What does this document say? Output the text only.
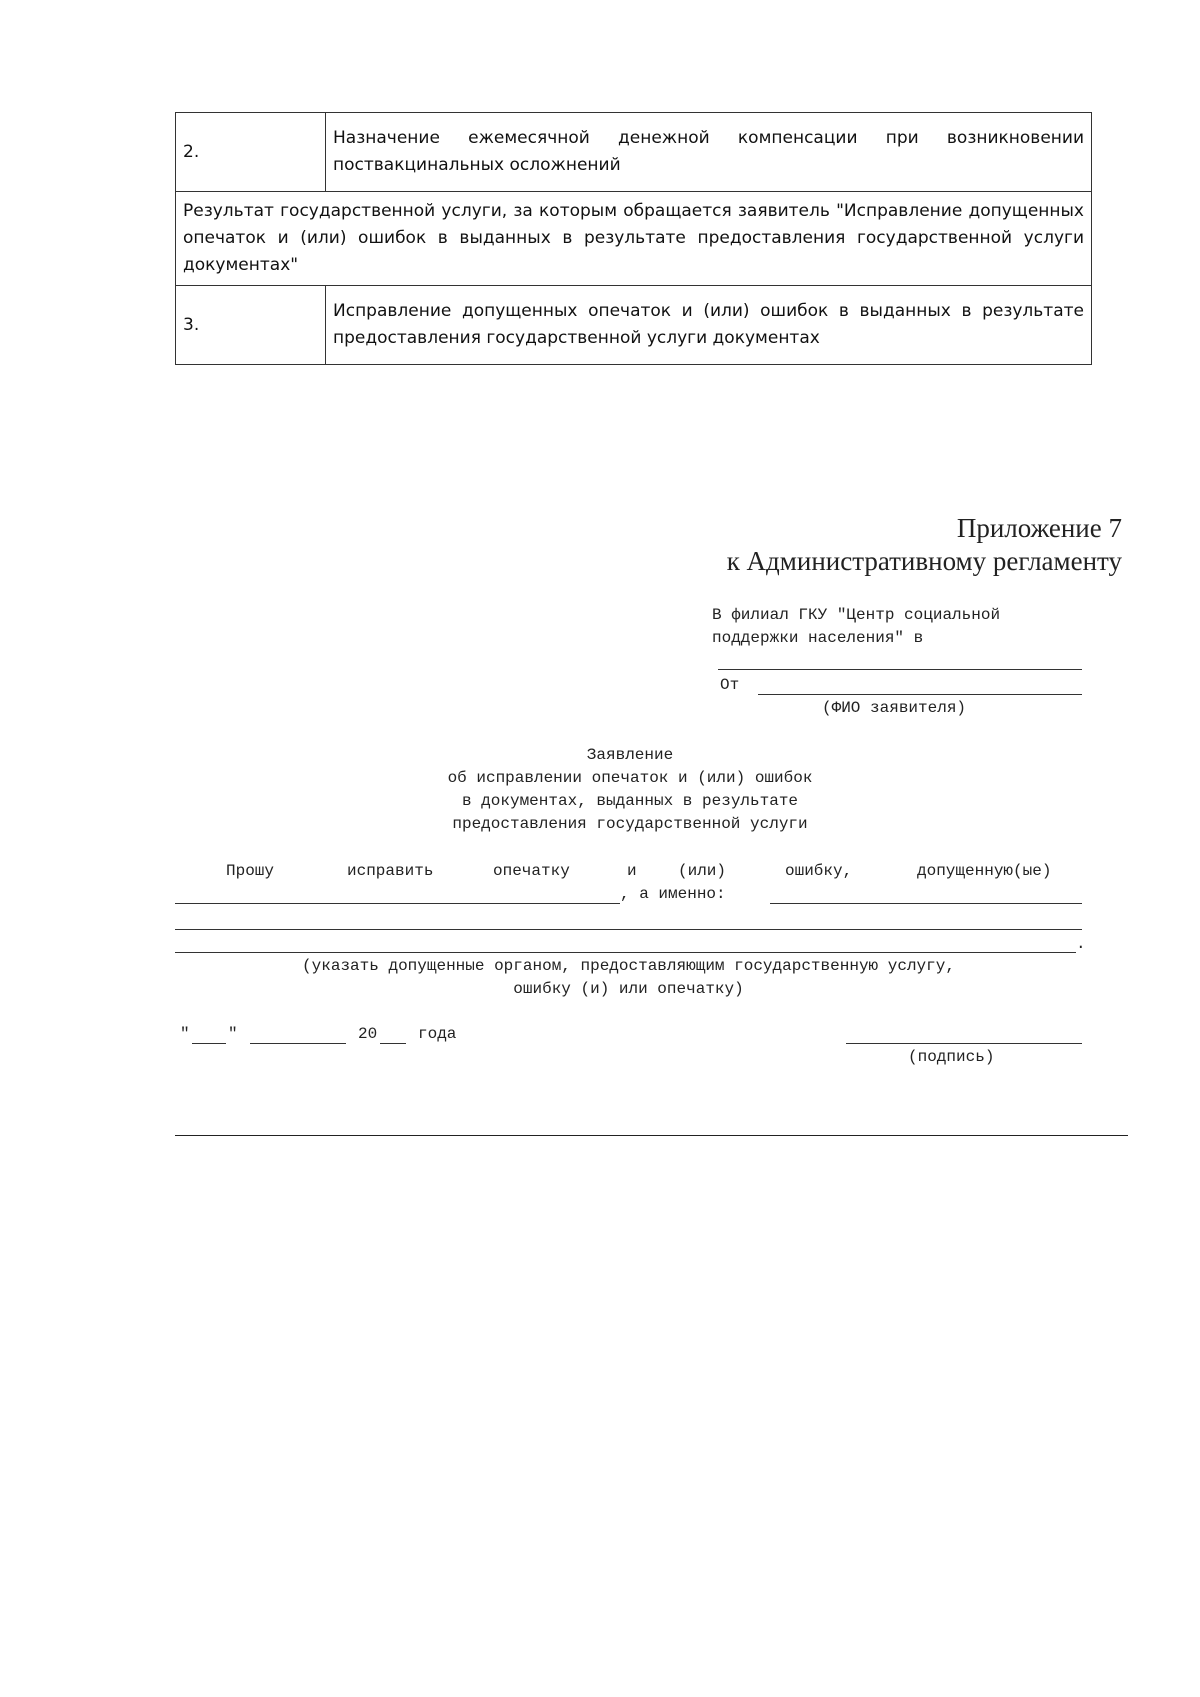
2.	Назначение ежемесячной денежной компенсации при возникновении поствакцинальных осложнений
Результат государственной услуги, за которым обращается заявитель "Исправление допущенных опечаток и (или) ошибок в выданных в результате предоставления государственной услуги документах"	
3.	Исправление допущенных опечаток и (или) ошибок в выданных в результате предоставления государственной услуги документах
Приложение 7
к Административному регламенту
В филиал ГКУ "Центр социальной
поддержки населения" в
От
(ФИО заявителя)
Заявление
об исправлении опечаток и (или) ошибок
в документах, выданных в результате
предоставления государственной услуги
Прошу	исправить	опечатку	и	(или)	ошибку,	допущенную(ые)
, а именно:
.
(указать допущенные органом, предоставляющим государственную услугу,
ошибку (и) или опечатку)
" "	20	года
(подпись)
